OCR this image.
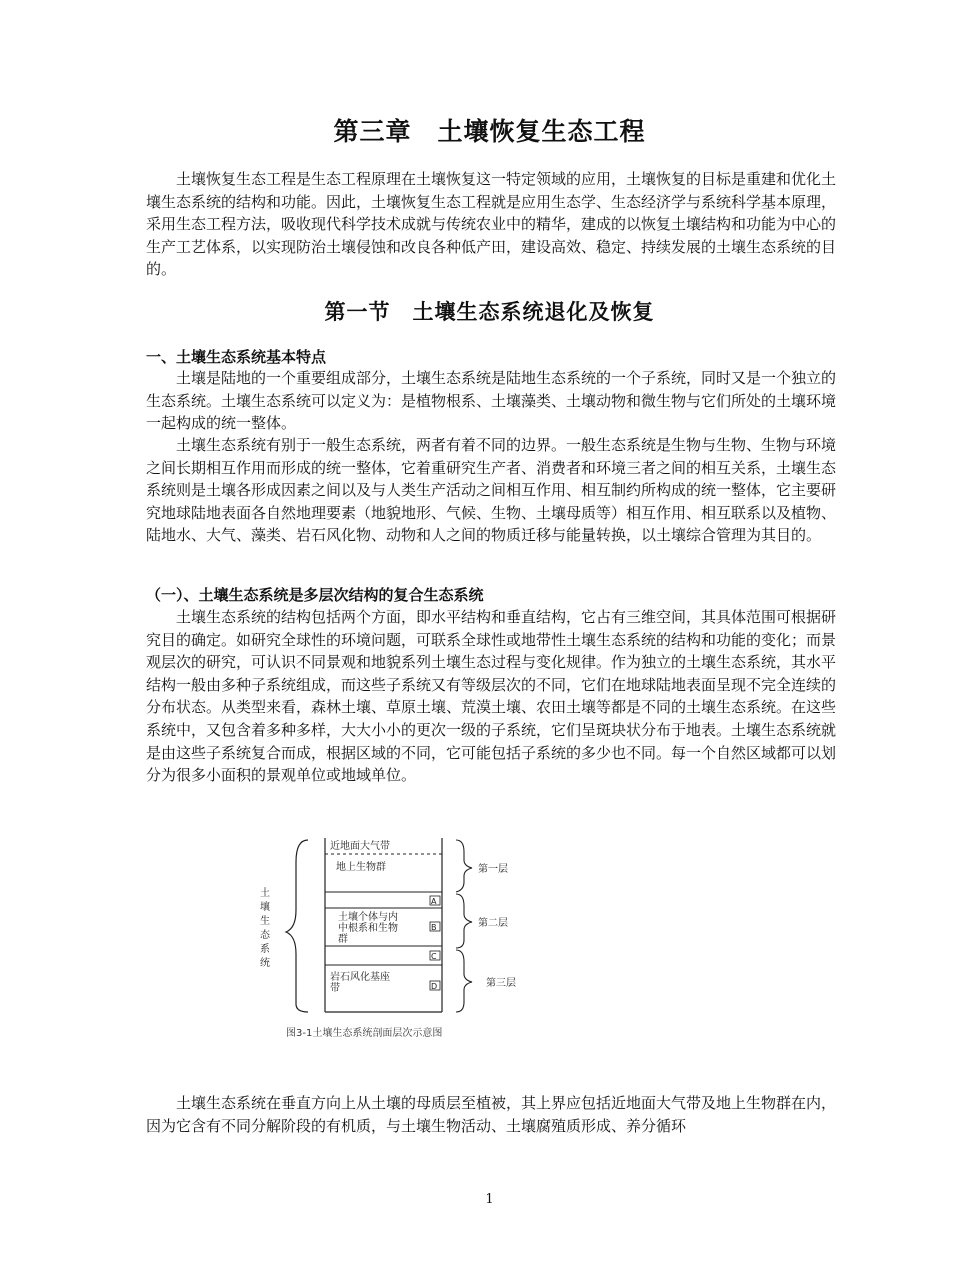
第三章　土壤恢复生态工程

土壤恢复生态工程是生态工程原理在土壤恢复这一特定领域的应用，土壤恢复的目标是重建和优化土壤生态系统的结构和功能。因此，土壤恢复生态工程就是应用生态学、生态经济学与系统科学基本原理，采用生态工程方法，吸收现代科学技术成就与传统农业中的精华，建成的以恢复土壤结构和功能为中心的生产工艺体系，以实现防治土壤侵蚀和改良各种低产田，建设高效、稳定、持续发展的土壤生态系统的目的。

第一节　土壤生态系统退化及恢复
一、土壤生态系统基本特点

土壤是陆地的一个重要组成部分，土壤生态系统是陆地生态系统的一个子系统，同时又是一个独立的生态系统。土壤生态系统可以定义为：是植物根系、土壤藻类、土壤动物和微生物与它们所处的土壤环境一起构成的统一整体。

土壤生态系统有别于一般生态系统，两者有着不同的边界。一般生态系统是生物与生物、生物与环境之间长期相互作用而形成的统一整体，它着重研究生产者、消费者和环境三者之间的相互关系，土壤生态系统则是土壤各形成因素之间以及与人类生产活动之间相互作用、相互制约所构成的统一整体，它主要研究地球陆地表面各自然地理要素（地貌地形、气候、生物、土壤母质等）相互作用、相互联系以及植物、陆地水、大气、藻类、岩石风化物、动物和人之间的物质迁移与能量转换，以土壤综合管理为其目的。

（一）、土壤生态系统是多层次结构的复合生态系统

土壤生态系统的结构包括两个方面，即水平结构和垂直结构，它占有三维空间，其具体范围可根据研究目的确定。如研究全球性的环境问题，可联系全球性或地带性土壤生态系统的结构和功能的变化；而景观层次的研究，可认识不同景观和地貌系列土壤生态过程与变化规律。作为独立的土壤生态系统，其水平结构一般由多种子系统组成，而这些子系统又有等级层次的不同，它们在地球陆地表面呈现不完全连续的分布状态。从类型来看，森林土壤、草原土壤、荒漠土壤、农田土壤等都是不同的土壤生态系统。在这些系统中，又包含着多种多样，大大小小的更次一级的子系统，它们呈斑块状分布于地表。土壤生态系统就是由这些子系统复合而成，根据区域的不同，它可能包括子系统的多少也不同。每一个自然区域都可以划分为很多小面积的景观单位或地域单位。

土
壤
生
态
系
统
近地面大气带
地上生物群
A
土壤个体与内
中根系和生物
群
B
C
岩石风化基座
带	D
第一层
第二层
第三层
图3-1土壤生态系统剖面层次示意图

土壤生态系统在垂直方向上从土壤的母质层至植被，其上界应包括近地面大气带及地上生物群在内，因为它含有不同分解阶段的有机质，与土壤生物活动、土壤腐殖质形成、养分循环

1
